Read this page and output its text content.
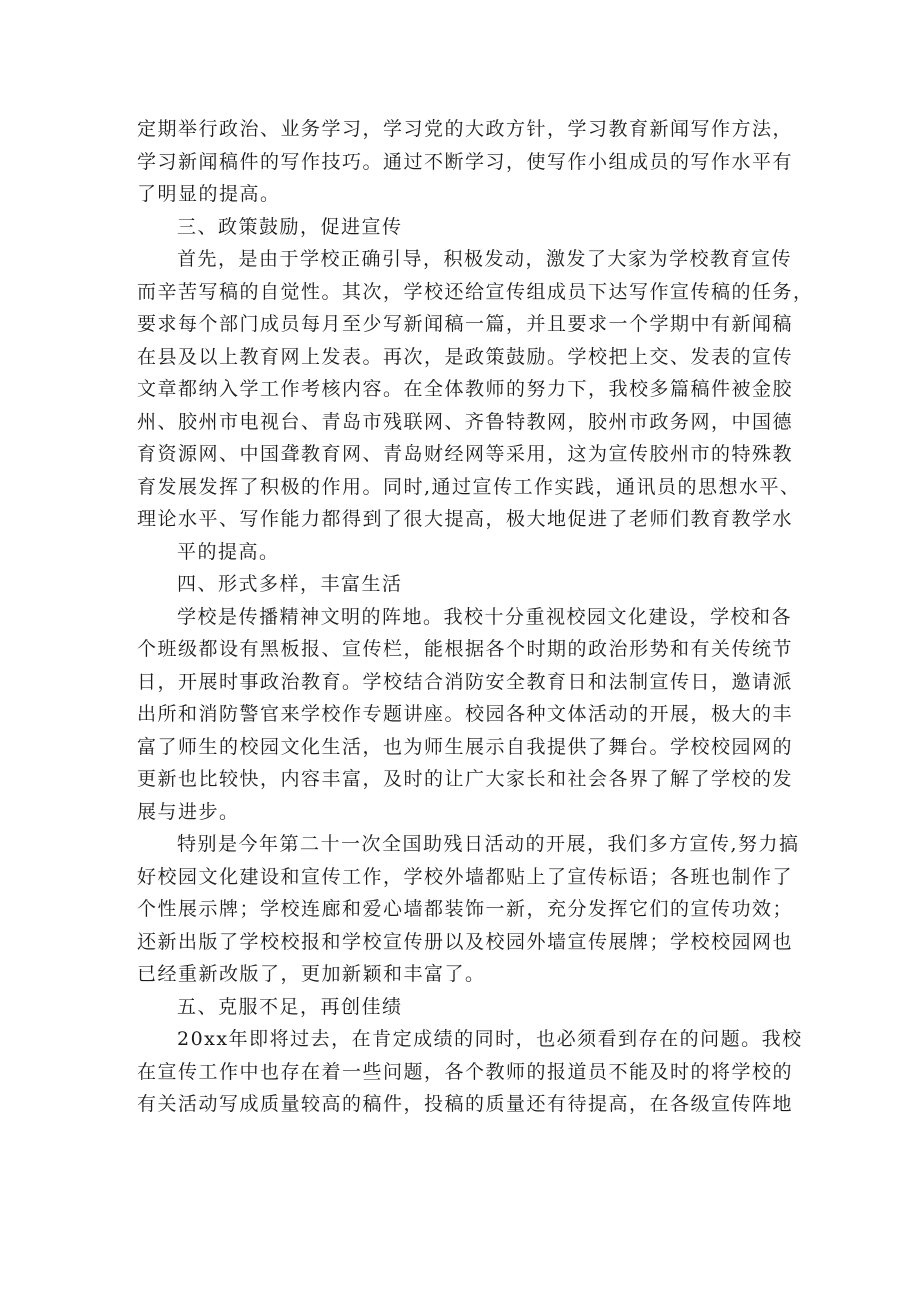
定期举行政治、业务学习，学习党的大政方针，学习教育新闻写作方法，
学习新闻稿件的写作技巧。通过不断学习，使写作小组成员的写作水平有
了明显的提高。
三、政策鼓励，促进宣传
首先，是由于学校正确引导，积极发动，激发了大家为学校教育宣传
而辛苦写稿的自觉性。其次，学校还给宣传组成员下达写作宣传稿的任务，
要求每个部门成员每月至少写新闻稿一篇，并且要求一个学期中有新闻稿
在县及以上教育网上发表。再次，是政策鼓励。学校把上交、发表的宣传
文章都纳入学工作考核内容。在全体教师的努力下，我校多篇稿件被金胶
州、胶州市电视台、青岛市残联网、齐鲁特教网，胶州市政务网，中国德
育资源网、中国聋教育网、青岛财经网等采用，这为宣传胶州市的特殊教
育发展发挥了积极的作用。同时,通过宣传工作实践，通讯员的思想水平、
理论水平、写作能力都得到了很大提高，极大地促进了老师们教育教学水
平的提高。
四、形式多样，丰富生活
学校是传播精神文明的阵地。我校十分重视校园文化建设，学校和各
个班级都设有黑板报、宣传栏，能根据各个时期的政治形势和有关传统节
日，开展时事政治教育。学校结合消防安全教育日和法制宣传日，邀请派
出所和消防警官来学校作专题讲座。校园各种文体活动的开展，极大的丰
富了师生的校园文化生活，也为师生展示自我提供了舞台。学校校园网的
更新也比较快，内容丰富，及时的让广大家长和社会各界了解了学校的发
展与进步。
特别是今年第二十一次全国助残日活动的开展，我们多方宣传,努力搞
好校园文化建设和宣传工作，学校外墙都贴上了宣传标语；各班也制作了
个性展示牌；学校连廊和爱心墙都装饰一新，充分发挥它们的宣传功效；
还新出版了学校校报和学校宣传册以及校园外墙宣传展牌；学校校园网也
已经重新改版了，更加新颖和丰富了。
五、克服不足，再创佳绩
20xx年即将过去，在肯定成绩的同时，也必须看到存在的问题。我校
在宣传工作中也存在着一些问题，各个教师的报道员不能及时的将学校的
有关活动写成质量较高的稿件，投稿的质量还有待提高，在各级宣传阵地
